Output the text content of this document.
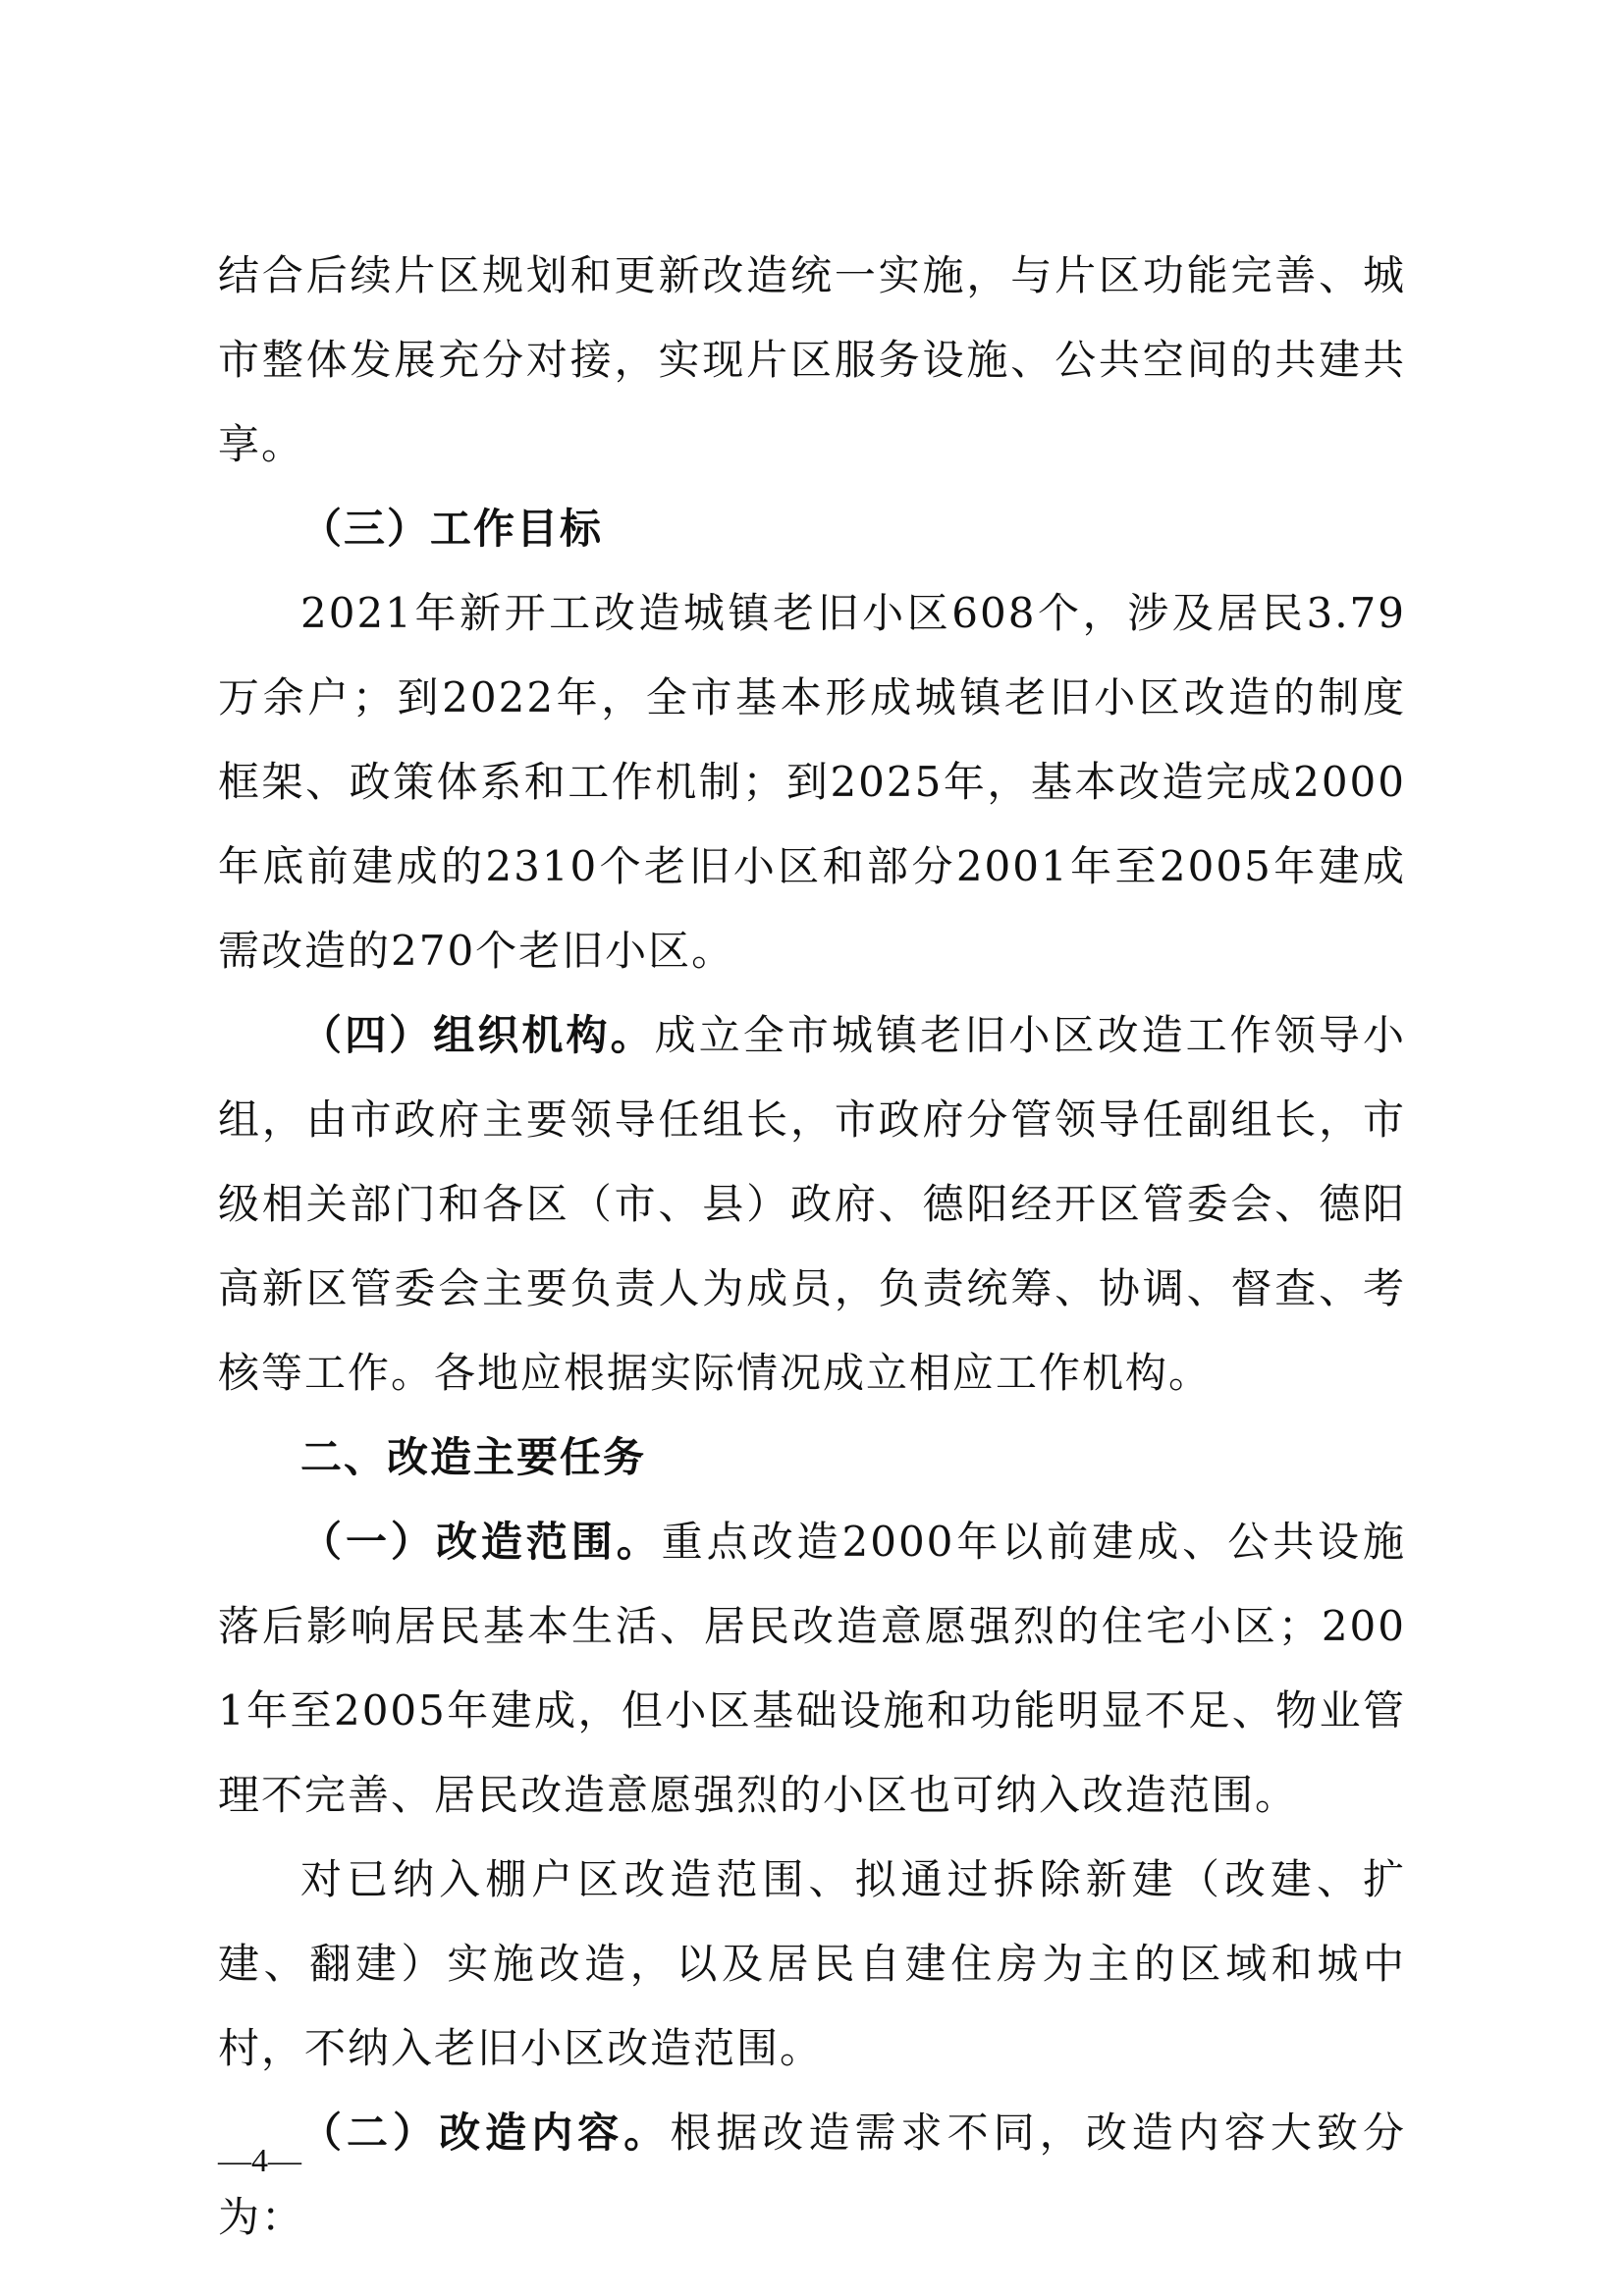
结合后续片区规划和更新改造统一实施，与片区功能完善、城市整体发展充分对接，实现片区服务设施、公共空间的共建共享。

（三）工作目标

2021年新开工改造城镇老旧小区608个，涉及居民3.79万余户；到2022年，全市基本形成城镇老旧小区改造的制度框架、政策体系和工作机制；到2025年，基本改造完成2000年底前建成的2310个老旧小区和部分2001年至2005年建成需改造的270个老旧小区。

（四）组织机构。成立全市城镇老旧小区改造工作领导小组，由市政府主要领导任组长，市政府分管领导任副组长，市级相关部门和各区（市、县）政府、德阳经开区管委会、德阳高新区管委会主要负责人为成员，负责统筹、协调、督查、考核等工作。各地应根据实际情况成立相应工作机构。

二、改造主要任务

（一）改造范围。重点改造2000年以前建成、公共设施落后影响居民基本生活、居民改造意愿强烈的住宅小区；2001年至2005年建成，但小区基础设施和功能明显不足、物业管理不完善、居民改造意愿强烈的小区也可纳入改造范围。

对已纳入棚户区改造范围、拟通过拆除新建（改建、扩建、翻建）实施改造，以及居民自建住房为主的区域和城中村，不纳入老旧小区改造范围。

（二）改造内容。根据改造需求不同，改造内容大致分为：

—4—
